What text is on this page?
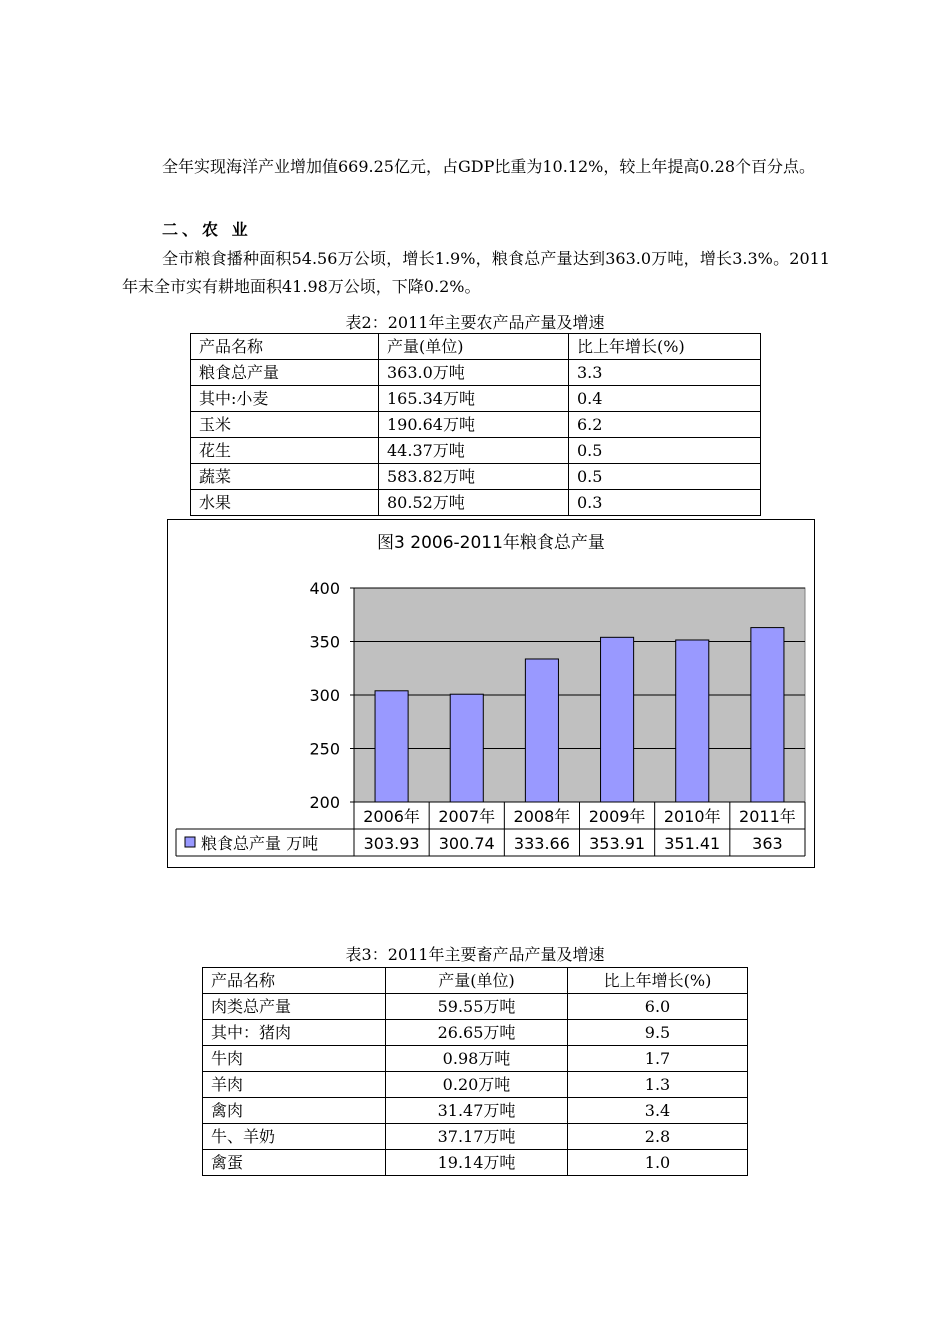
全年实现海洋产业增加值669.25亿元，占GDP比重为10.12%，较上年提高0.28个百分点。

二、农 业

全市粮食播种面积54.56万公顷，增长1.9%，粮食总产量达到363.0万吨，增长3.3%。2011年末全市实有耕地面积41.98万公顷，下降0.2%。

表2：2011年主要农产品产量及增速

产品名称	产量(单位)	比上年增长(%)
粮食总产量	363.0万吨	3.3
其中:小麦	165.34万吨	0.4
玉米	190.64万吨	6.2
花生	44.37万吨	0.5
蔬菜	583.82万吨	0.5
水果	80.52万吨	0.3
图3 2006-2011年粮食总产量
200
250
300
350
400
2006年 2007年 2008年 2009年 2010年 2011年
303.93 300.74 333.66 353.91 351.41 363
粮食总产量 万吨

表3：2011年主要畜产品产量及增速

产品名称	产量(单位)	比上年增长(%)
肉类总产量	59.55万吨	6.0
其中：猪肉	26.65万吨	9.5
牛肉	0.98万吨	1.7
羊肉	0.20万吨	1.3
禽肉	31.47万吨	3.4
牛、羊奶	37.17万吨	2.8
禽蛋	19.14万吨	1.0
